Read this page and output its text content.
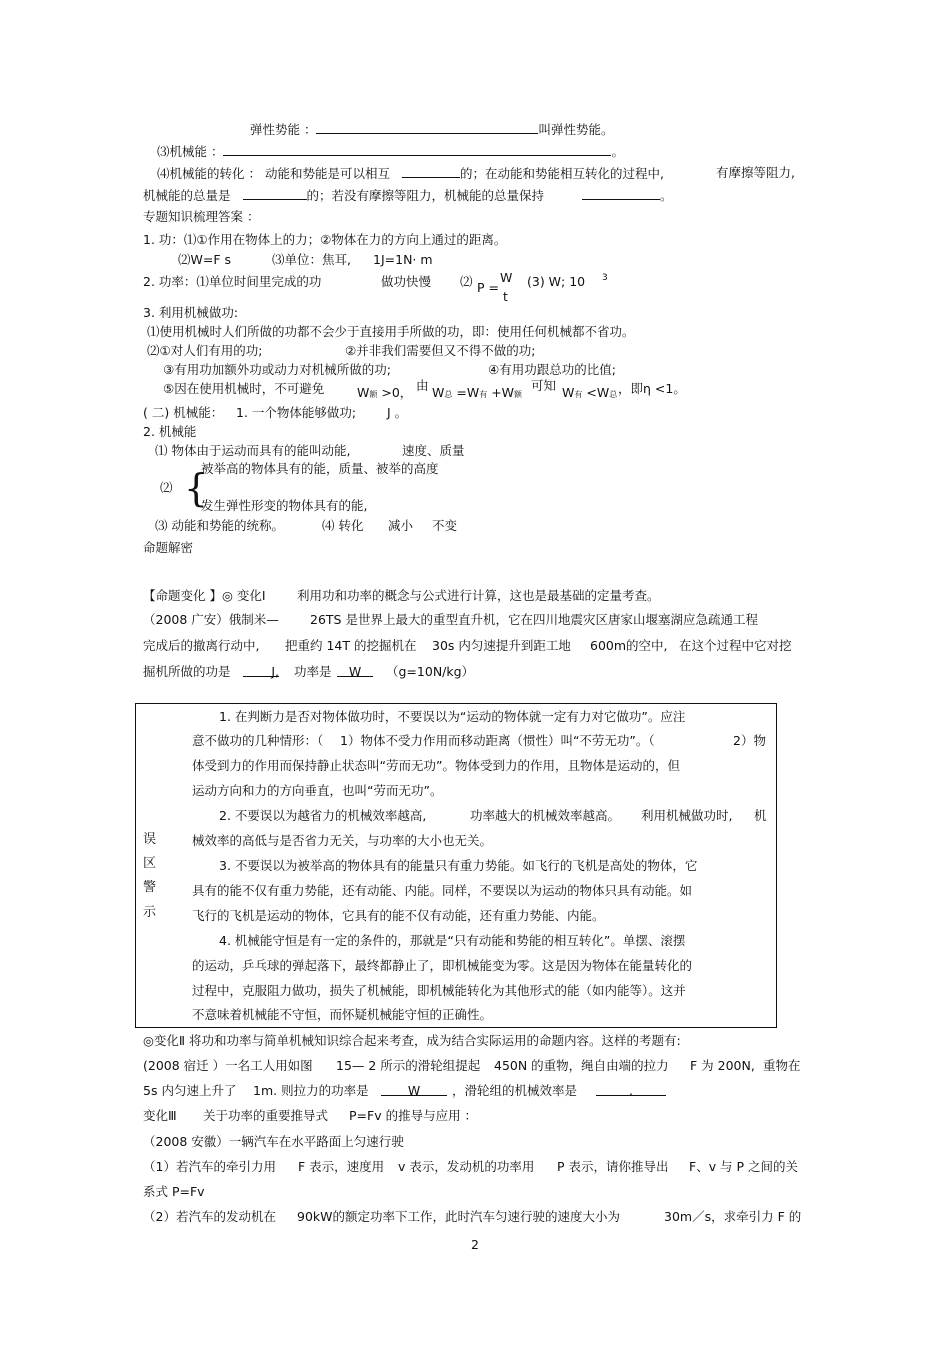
弹性势能 ：	叫弹性势能。
⑶机械能 ：	。
⑷机械能的转化 ： 动能和势能是可以相互	的；在动能和势能相互转化的过程中,	有摩擦等阻力,
机械能的总量是	的；若没有摩擦等阻力，机械能的总量保持	。
专题知识梳理答案 ：
1. 功：⑴①作用在物体上的力；②物体在力的方向上通过的距离。
⑵W=F s	⑶单位：焦耳, 1J=1N· m
2. 功率：⑴单位时间里完成的功	做功快慢 ⑵ P =
W
t
(3) W; 10 3
3. 利用机械做功:
⑴使用机械时人们所做的功都不会少于直接用手所做的功，即：使用任何机械都不省功。
⑵①对人们有用的功;	②并非我们需要但又不得不做的功;
③有用功加额外功或动力对机械所做的功;	④有用功跟总功的比值;
⑤因在使用机械时，不可避免	W额 >0， 由 W总 =W有 +W额
可知 W有 <W总 ，即η <1。
( 二) 机械能： 1. 一个物体能够做功; J 。
2. 机械能
⑴ 物体由于运动而具有的能叫动能,	速度、质量
被举高的物体具有的能，质量、被举的高度
⑵ {
发生弹性形变的物体具有的能,
⑶ 动能和势能的统称。	⑷ 转化 减小 不变
命题解密
【命题变化 】◎ 变化Ⅰ	利用功和功率的概念与公式进行计算，这也是最基础的定量考查。
（2008 广安）俄制米— 26TS 是世界上最大的重型直升机，它在四川地震灾区唐家山堰塞湖应急疏通工程
完成后的撤离行动中, 把重约 14T 的挖掘机在 30s 内匀速提升到距工地 600m的空中, 在这个过程中它对挖
掘机所做的功是	J, 功率是	W	（g=10N/kg）
误
区
警
示
1. 在判断力是否对物体做功时，不要误以为“运动的物体就一定有力对它做功”。应注
意不做功的几种情形：（ 1）物体不受力作用而移动距离（惯性）叫“不劳无功”。（	2）物
体受到力的作用而保持静止状态叫“劳而无功”。物体受到力的作用，且物体是运动的，但
运动方向和力的方向垂直，也叫“劳而无功”。
2. 不要误以为越省力的机械效率越高,	功率越大的机械效率越高。 利用机械做功时, 机
械效率的高低与是否省力无关，与功率的大小也无关。
3. 不要误以为被举高的物体具有的能量只有重力势能。如飞行的飞机是高处的物体，它
具有的能不仅有重力势能，还有动能、内能。同样，不要误以为运动的物体只具有动能。如
飞行的飞机是运动的物体，它具有的能不仅有动能，还有重力势能、内能。
4. 机械能守恒是有一定的条件的，那就是“只有动能和势能的相互转化”。单摆、滚摆
的运动，乒乓球的弹起落下，最终都静止了，即机械能变为零。这是因为物体在能量转化的
过程中，克服阻力做功，损失了机械能，即机械能转化为其他形式的能（如内能等）。这并
不意味着机械能不守恒，而怀疑机械能守恒的正确性。
◎变化Ⅱ 将功和功率与简单机械知识综合起来考查，成为结合实际运用的命题内容。这样的考题有:
(2008 宿迁 ）一名工人用如图 15— 2 所示的滑轮组提起 450N 的重物，绳自由端的拉力 F 为 200N, 重物在
5s 内匀速上升了 1m. 则拉力的功率是	W	，滑轮组的机械效率是	.
变化Ⅲ 关于功率的重要推导式 P=Fv 的推导与应用 ：
（2008 安徽）一辆汽车在水平路面上匀速行驶
（1）若汽车的牵引力用 F 表示，速度用 v 表示，发动机的功率用 P 表示，请你推导出 F、v 与 P 之间的关
系式 P=Fv
（2）若汽车的发动机在 90kW的额定功率下工作，此时汽车匀速行驶的速度大小为	30m／s，求牵引力 F 的
2
